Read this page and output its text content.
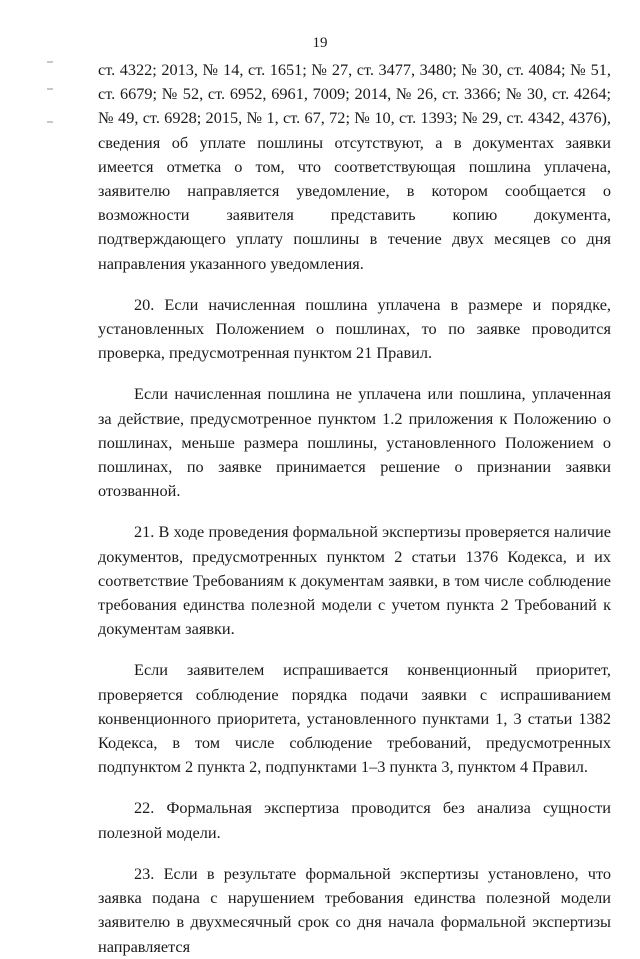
19

ст. 4322; 2013, № 14, ст. 1651; № 27, ст. 3477, 3480; № 30, ст. 4084; № 51, ст. 6679; № 52, ст. 6952, 6961, 7009; 2014, № 26, ст. 3366; № 30, ст. 4264; № 49, ст. 6928; 2015, № 1, ст. 67, 72; № 10, ст. 1393; № 29, ст. 4342, 4376), сведения об уплате пошлины отсутствуют, а в документах заявки имеется отметка о том, что соответствующая пошлина уплачена, заявителю направляется уведомление, в котором сообщается о возможности заявителя представить копию документа, подтверждающего уплату пошлины в течение двух месяцев со дня направления указанного уведомления.

20. Если начисленная пошлина уплачена в размере и порядке, установленных Положением о пошлинах, то по заявке проводится проверка, предусмотренная пунктом 21 Правил.

Если начисленная пошлина не уплачена или пошлина, уплаченная за действие, предусмотренное пунктом 1.2 приложения к Положению о пошлинах, меньше размера пошлины, установленного Положением о пошлинах, по заявке принимается решение о признании заявки отозванной.

21. В ходе проведения формальной экспертизы проверяется наличие документов, предусмотренных пунктом 2 статьи 1376 Кодекса, и их соответствие Требованиям к документам заявки, в том числе соблюдение требования единства полезной модели с учетом пункта 2 Требований к документам заявки.

Если заявителем испрашивается конвенционный приоритет, проверяется соблюдение порядка подачи заявки с испрашиванием конвенционного приоритета, установленного пунктами 1, 3 статьи 1382 Кодекса, в том числе соблюдение требований, предусмотренных подпунктом 2 пункта 2, подпунктами 1–3 пункта 3, пунктом 4 Правил.

22. Формальная экспертиза проводится без анализа сущности полезной модели.

23. Если в результате формальной экспертизы установлено, что заявка подана с нарушением требования единства полезной модели заявителю в двухмесячный срок со дня начала формальной экспертизы направляется
